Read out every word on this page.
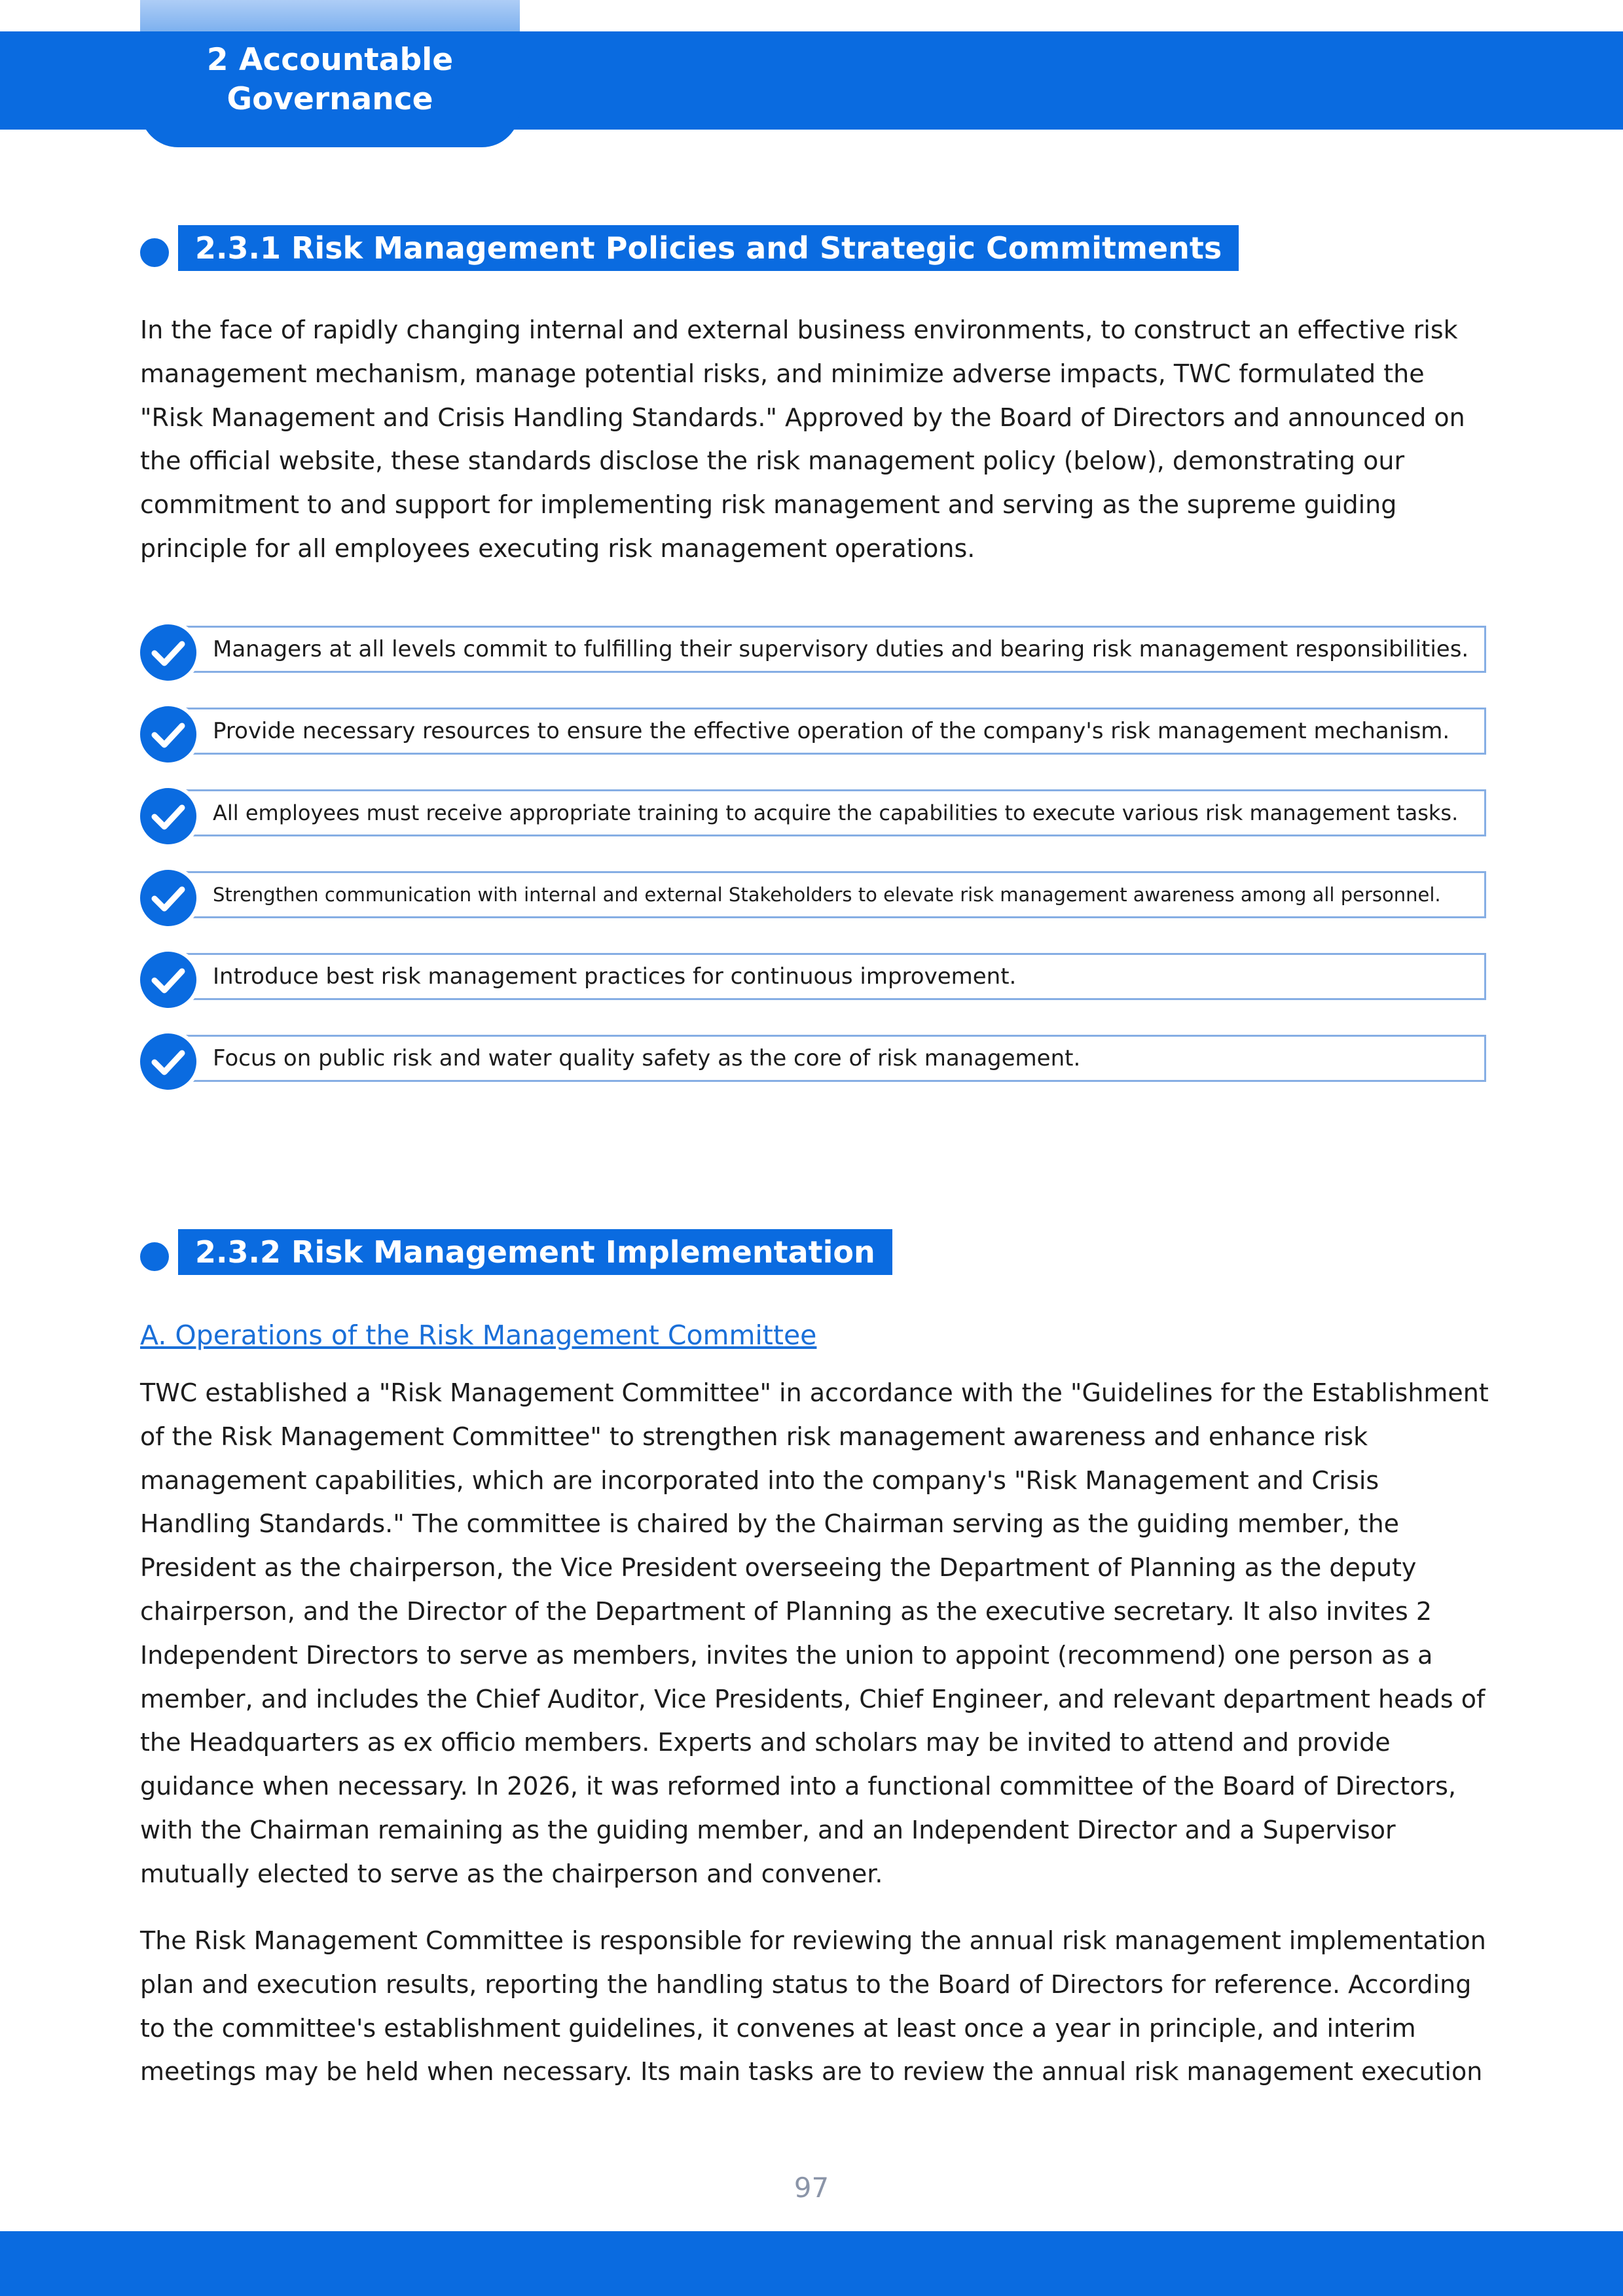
2 Accountable
Governance
2.3.1 Risk Management Policies and Strategic Commitments
In the face of rapidly changing internal and external business environments, to construct an effective risk management mechanism, manage potential risks, and minimize adverse impacts, TWC formulated the "Risk Management and Crisis Handling Standards." Approved by the Board of Directors and announced on the official website, these standards disclose the risk management policy (below), demonstrating our commitment to and support for implementing risk management and serving as the supreme guiding principle for all employees executing risk management operations.
Managers at all levels commit to fulfilling their supervisory duties and bearing risk management responsibilities.
Provide necessary resources to ensure the effective operation of the company's risk management mechanism.
All employees must receive appropriate training to acquire the capabilities to execute various risk management tasks.
Strengthen communication with internal and external Stakeholders to elevate risk management awareness among all personnel.
Introduce best risk management practices for continuous improvement.
Focus on public risk and water quality safety as the core of risk management.
2.3.2 Risk Management Implementation
A. Operations of the Risk Management Committee
TWC established a "Risk Management Committee" in accordance with the "Guidelines for the Establishment of the Risk Management Committee" to strengthen risk management awareness and enhance risk management capabilities, which are incorporated into the company's "Risk Management and Crisis Handling Standards." The committee is chaired by the Chairman serving as the guiding member, the President as the chairperson, the Vice President overseeing the Department of Planning as the deputy chairperson, and the Director of the Department of Planning as the executive secretary. It also invites 2 Independent Directors to serve as members, invites the union to appoint (recommend) one person as a member, and includes the Chief Auditor, Vice Presidents, Chief Engineer, and relevant department heads of the Headquarters as ex officio members. Experts and scholars may be invited to attend and provide guidance when necessary. In 2026, it was reformed into a functional committee of the Board of Directors, with the Chairman remaining as the guiding member, and an Independent Director and a Supervisor mutually elected to serve as the chairperson and convener.
The Risk Management Committee is responsible for reviewing the annual risk management implementation plan and execution results, reporting the handling status to the Board of Directors for reference. According to the committee's establishment guidelines, it convenes at least once a year in principle, and interim meetings may be held when necessary. Its main tasks are to review the annual risk management execution
97
